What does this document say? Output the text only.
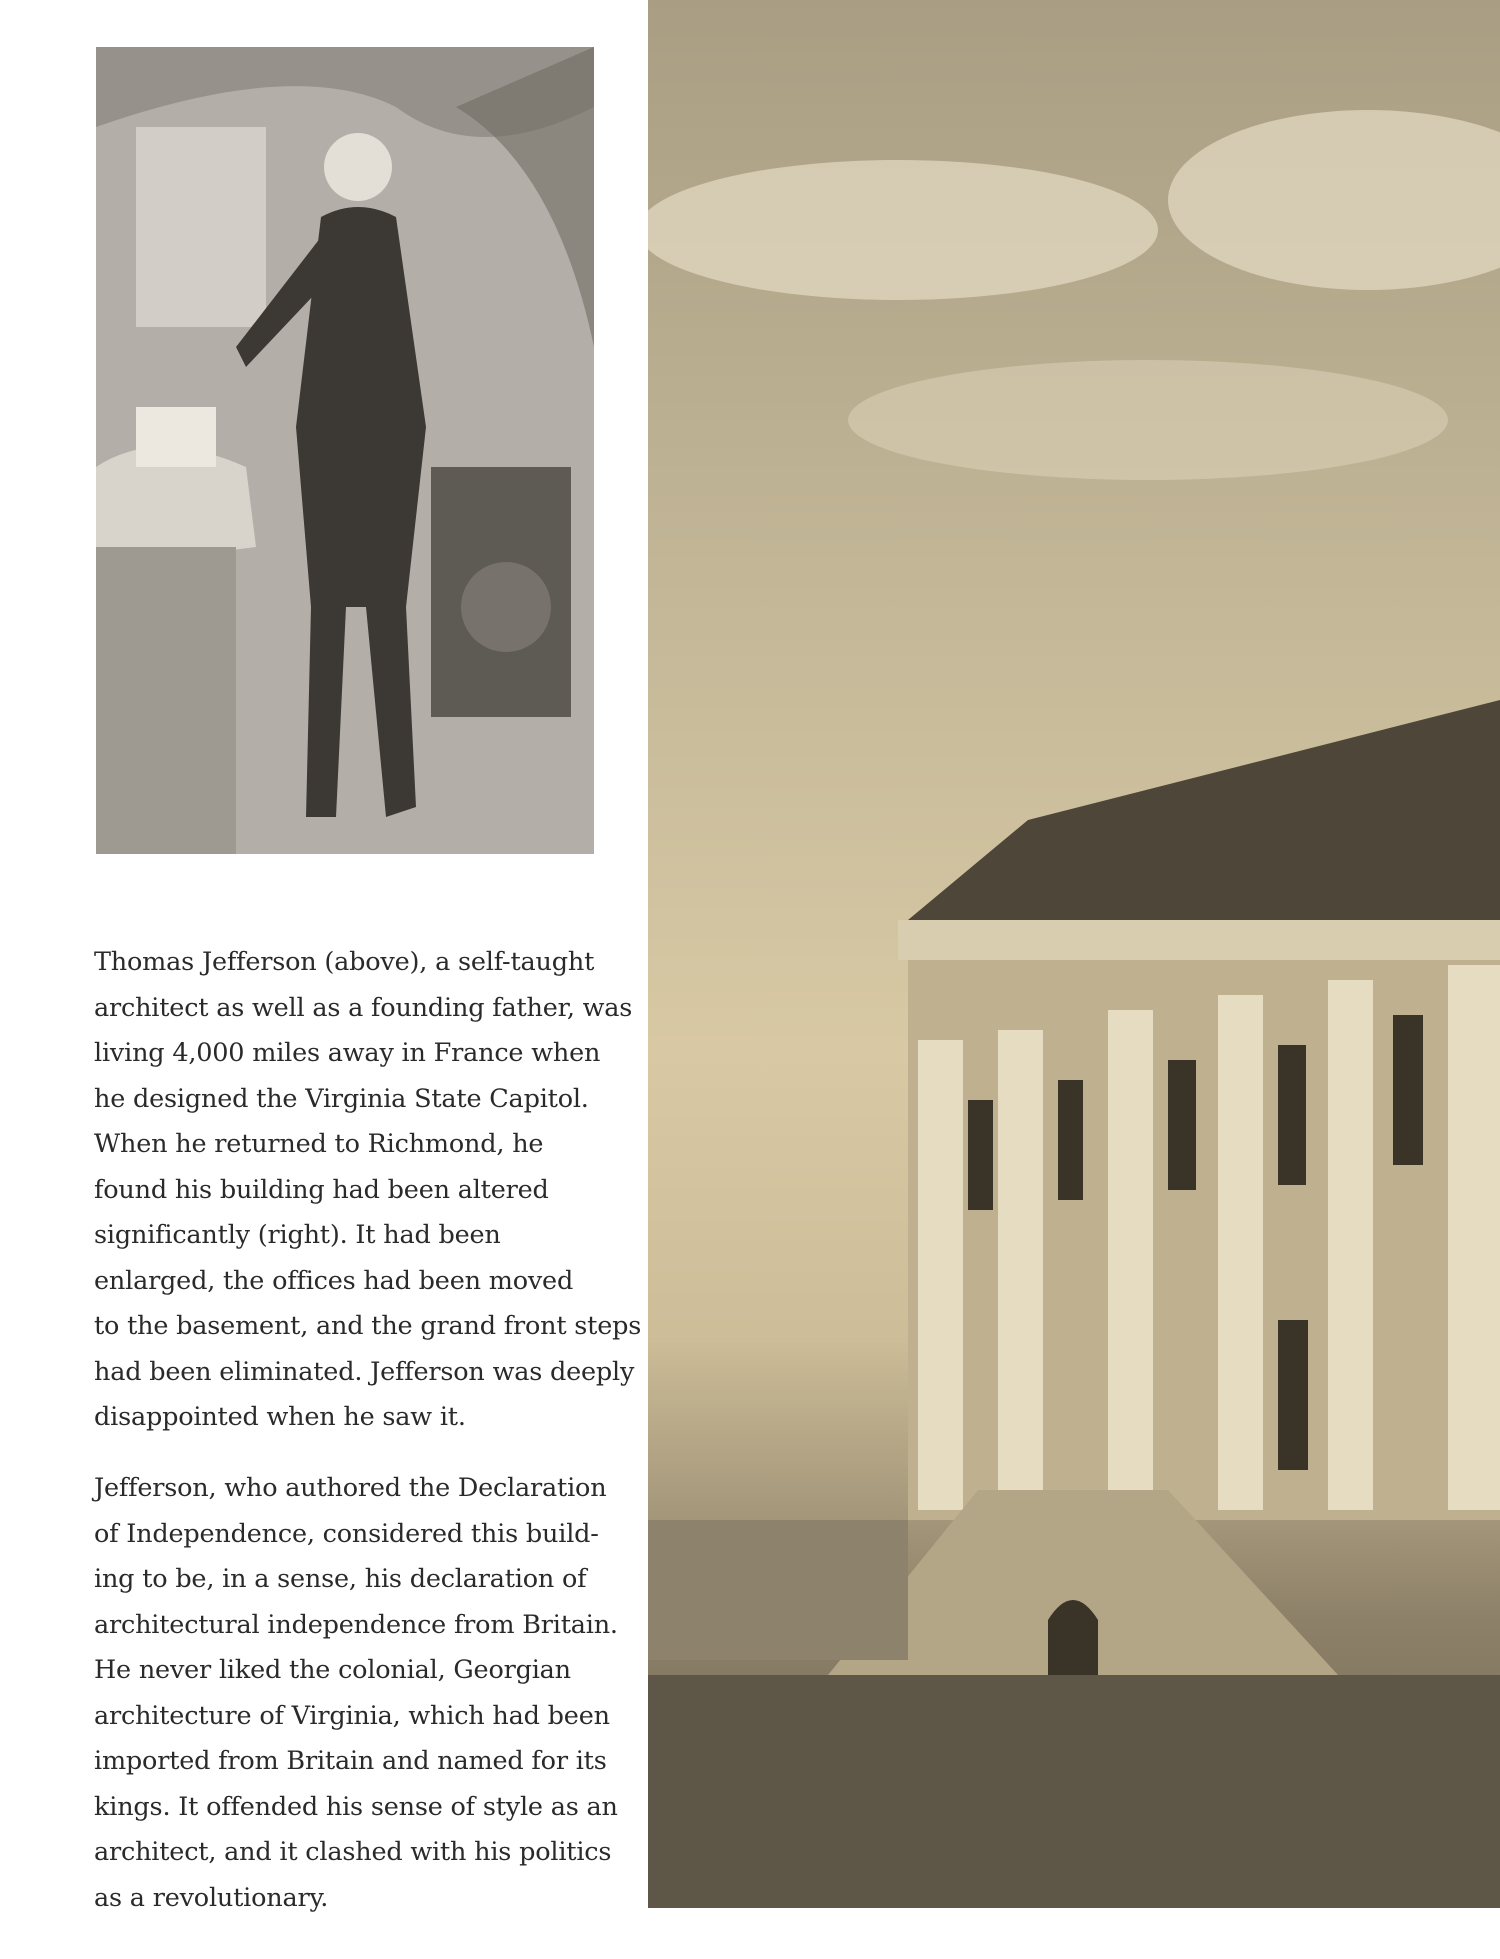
Thomas Jefferson (above), a self-taught
architect as well as a founding father, was
living 4,000 miles away in France when
he designed the Virginia State Capitol.
When he returned to Richmond, he
found his building had been altered
significantly (right). It had been
enlarged, the offices had been moved
to the basement, and the grand front steps
had been eliminated. Jefferson was deeply
disappointed when he saw it.
Jefferson, who authored the Declaration
of Independence, considered this build-
ing to be, in a sense, his declaration of
architectural independence from Britain.
He never liked the colonial, Georgian
architecture of Virginia, which had been
imported from Britain and named for its
kings. It offended his sense of style as an
architect, and it clashed with his politics
as a revolutionary.
